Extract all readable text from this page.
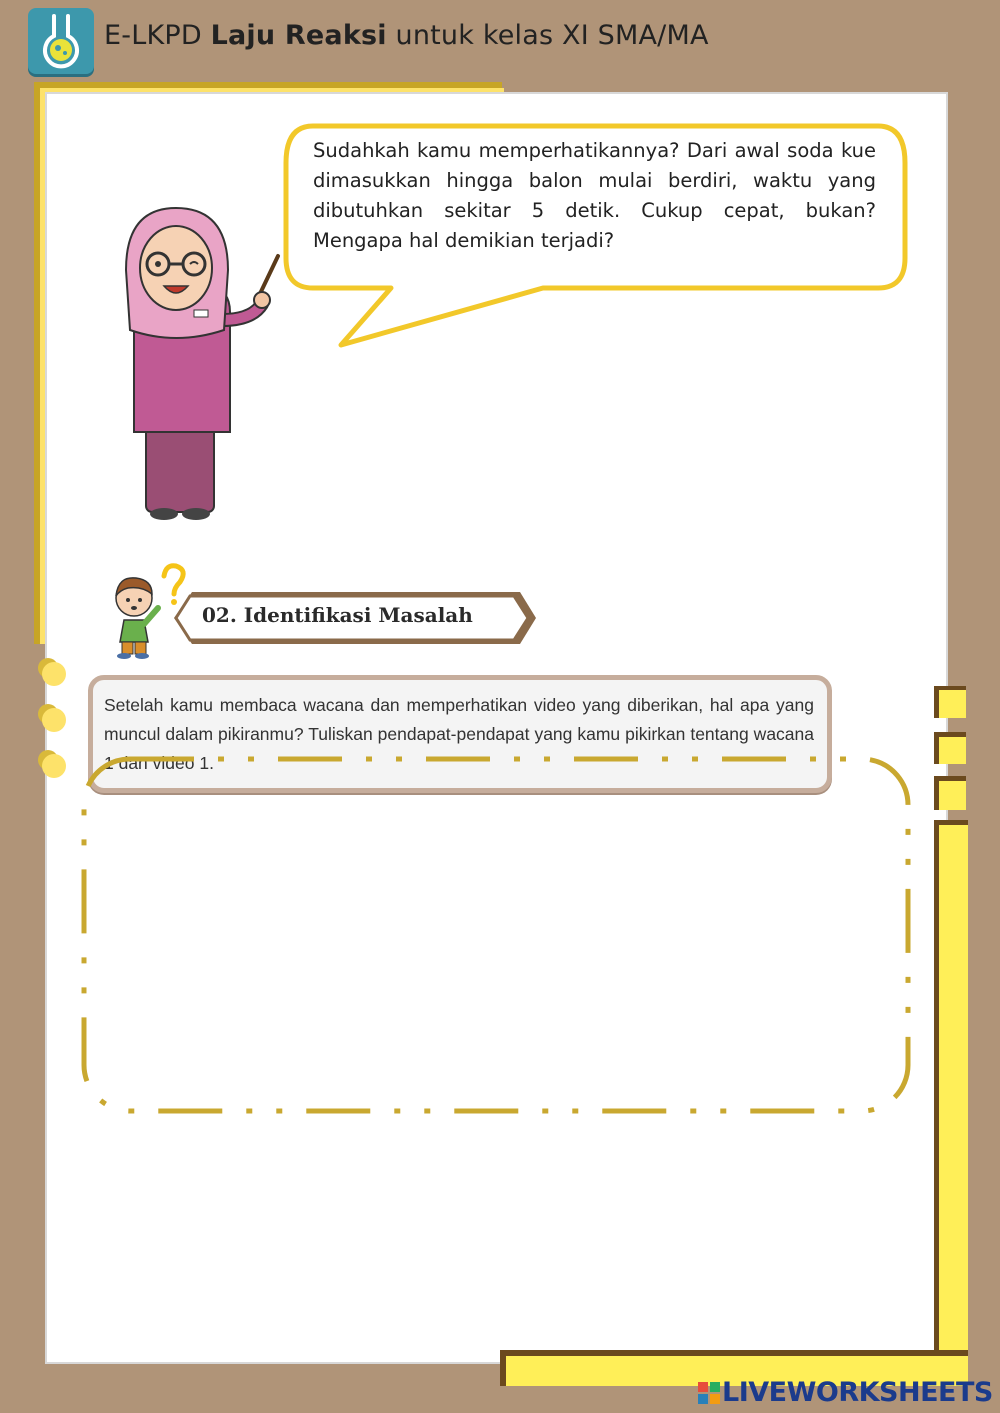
E-LKPD Laju Reaksi untuk kelas XI SMA/MA
Sudahkah kamu memperhatikannya? Dari awal soda kue dimasukkan hingga balon mulai berdiri, waktu yang dibutuhkan sekitar 5 detik. Cukup cepat, bukan? Mengapa hal demikian terjadi?
02. Identifikasi Masalah
Setelah kamu membaca wacana dan memperhatikan video yang diberikan, hal apa yang muncul dalam pikiranmu? Tuliskan pendapat-pendapat yang kamu pikirkan tentang wacana 1 dan video 1.
LIVEWORKSHEETS
